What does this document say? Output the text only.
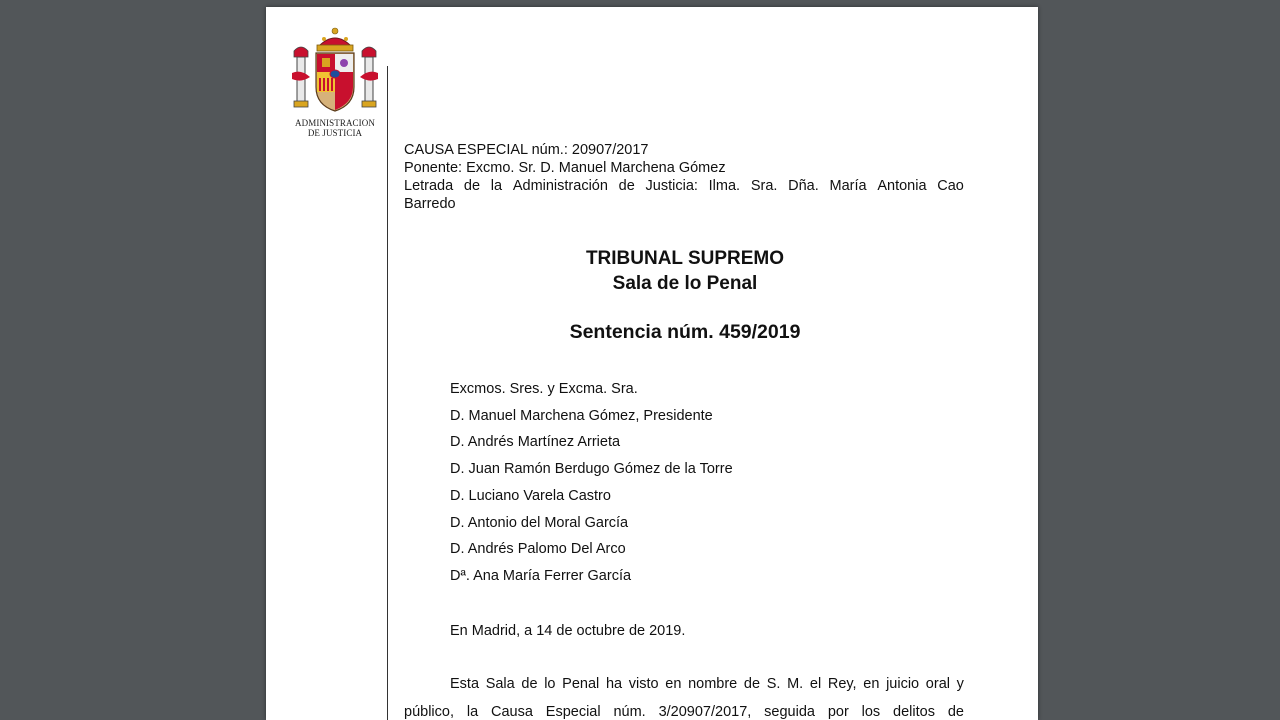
ADMINISTRACION
DE JUSTICIA
CAUSA ESPECIAL núm.: 20907/2017
Ponente: Excmo. Sr. D. Manuel Marchena Gómez
Letrada de la Administración de Justicia: Ilma. Sra. Dña. María Antonia Cao
Barredo
TRIBUNAL SUPREMO
Sala de lo Penal
Sentencia núm. 459/2019
Excmos. Sres. y Excma. Sra.
D. Manuel Marchena Gómez, Presidente
D. Andrés Martínez Arrieta
D. Juan Ramón Berdugo Gómez de la Torre
D. Luciano Varela Castro
D. Antonio del Moral García
D. Andrés Palomo Del Arco
Dª. Ana María Ferrer García
En Madrid, a 14 de octubre de 2019.
Esta Sala de lo Penal ha visto en nombre de S. M. el Rey, en juicio oral y
público, la Causa Especial núm. 3/20907/2017, seguida por los delitos de
